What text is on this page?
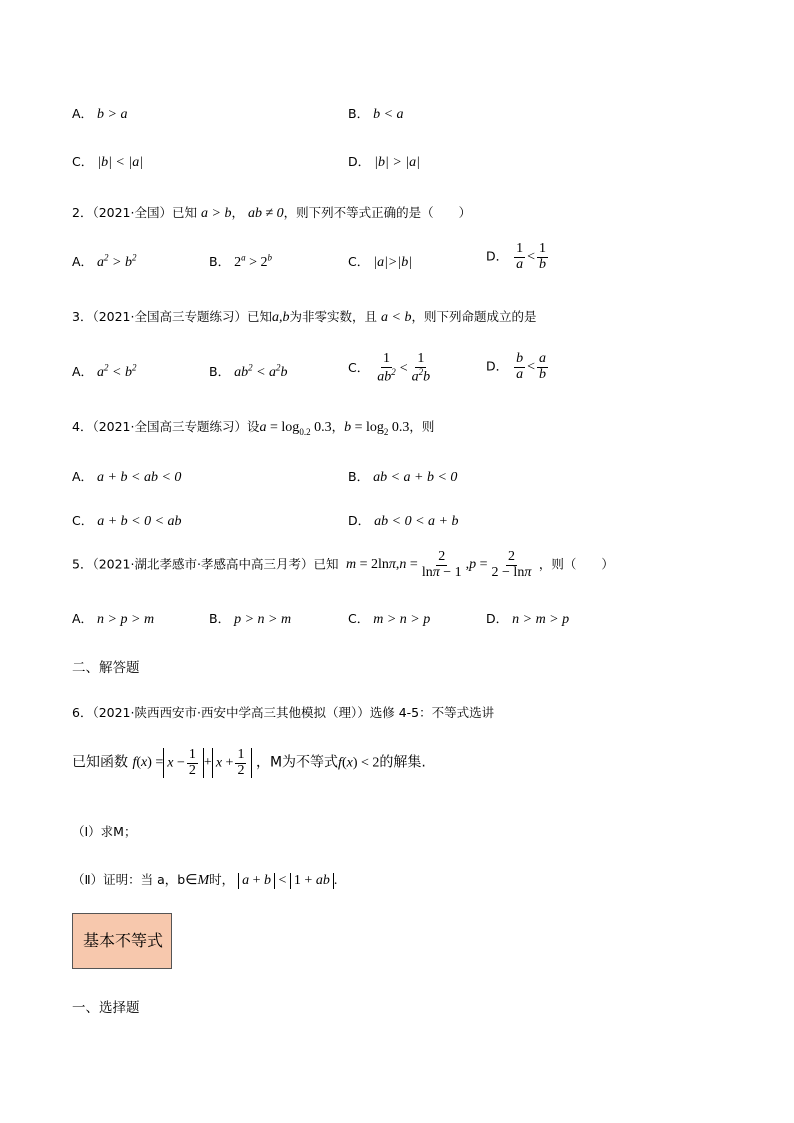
A． b > a	B． b < a
C． |b| < |a|	D． |b| > |a|
2．（2021·全国）已知 a > b， ab ≠ 0，则下列不等式正确的是（　　）
A． $a^2 > b^2$	B． $2^a > 2^b$	C． |a|>|b|	D． $\frac{1}{a} < \frac{1}{b}$
3．（2021·全国高三专题练习）已知a,b为非零实数，且 a < b，则下列命题成立的是
A． $a^2 < b^2$	B． $ab^2 < a^2b$	C． $\frac{1}{ab^2} < \frac{1}{a^2b}$	D． $\frac{b}{a} < \frac{a}{b}$
4．（2021·全国高三专题练习）设$a = \log_{0.2} 0.3$，$b = \log_2 0.3$，则
A． a + b < ab < 0	B． ab < a + b < 0
C． a + b < 0 < ab	D． ab < 0 < a + b
5．（2021·湖北孝感市·孝感高中高三月考）已知 $m = 2\ln\pi,n = \frac{2}{\ln\pi - 1} ,p = \frac{2}{2 - \ln\pi}$ ，则（　　）
A． n > p > m	B． p > n > m	C． m > n > p	D． n > m > p
二、解答题
6．（2021·陕西西安市·西安中学高三其他模拟（理））选修 4-5：不等式选讲
已知函数 $f(x) = x - \frac{1}{2} + x + \frac{1}{2}$ ，M为不等式f(x) < 2的解集.
（Ⅰ）求M；
（Ⅱ）证明：当 a，b∈M时， a + b < 1 + ab .
基本不等式
一、选择题
